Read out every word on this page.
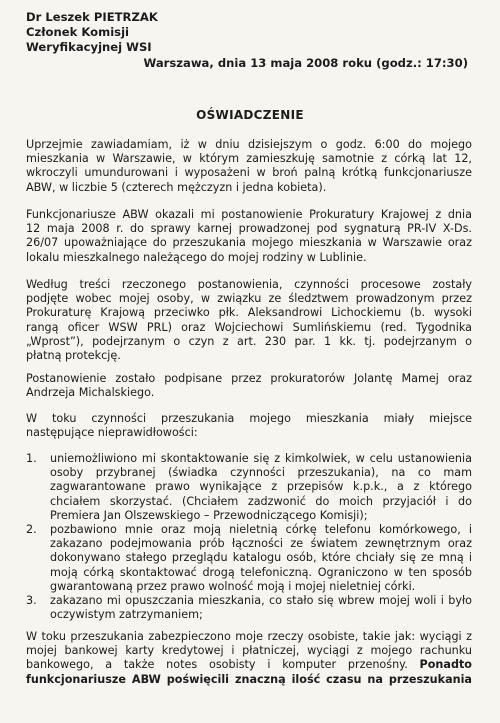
Dr Leszek PIETRZAK
Członek Komisji
Weryfikacyjnej WSI
Warszawa, dnia 13 maja 2008 roku (godz.: 17:30)
OŚWIADCZENIE
Uprzejmie zawiadamiam, iż w dniu dzisiejszym o godz. 6:00 do mojego
mieszkania w Warszawie, w którym zamieszkuję samotnie z córką lat 12,
wkroczyli umundurowani i wyposażeni w broń palną krótką funkcjonariusze
ABW, w liczbie 5 (czterech mężczyzn i jedna kobieta).
Funkcjonariusze ABW okazali mi postanowienie Prokuratury Krajowej z dnia
12 maja 2008 r. do sprawy karnej prowadzonej pod sygnaturą PR-IV X-Ds.
26/07 upoważniające do przeszukania mojego mieszkania w Warszawie oraz
lokalu mieszkalnego należącego do mojej rodziny w Lublinie.
Według treści rzeczonego postanowienia, czynności procesowe zostały
podjęte wobec mojej osoby, w związku ze śledztwem prowadzonym przez
Prokuraturę Krajową przeciwko płk. Aleksandrowi Lichockiemu (b. wysoki
rangą oficer WSW PRL) oraz Wojciechowi Sumlińskiemu (red. Tygodnika
„Wprost”), podejrzanym o czyn z art. 230 par. 1 kk. tj. podejrzanym o
płatną protekcję.
Postanowienie zostało podpisane przez prokuratorów Jolantę Mamej oraz
Andrzeja Michalskiego.
W toku czynności przeszukania mojego mieszkania miały miejsce
następujące nieprawidłowości:
1. uniemożliwiono mi skontaktowanie się z kimkolwiek, w celu ustanowienia
osoby przybranej (świadka czynności przeszukania), na co mam
zagwarantowane prawo wynikające z przepisów k.p.k., a z którego
chciałem skorzystać. (Chciałem zadzwonić do moich przyjaciół i do
Premiera Jan Olszewskiego – Przewodniczącego Komisji);
2. pozbawiono mnie oraz moją nieletnią córkę telefonu komórkowego, i
zakazano podejmowania prób łączności ze światem zewnętrznym oraz
dokonywano stałego przeglądu katalogu osób, które chciały się ze mną i
moją córką skontaktować drogą telefoniczną. Ograniczono w ten sposób
gwarantowaną przez prawo wolność moją i mojej nieletniej córki.
3. zakazano mi opuszczania mieszkania, co stało się wbrew mojej woli i było
oczywistym zatrzymaniem;
W toku przeszukania zabezpieczono moje rzeczy osobiste, takie jak: wyciągi z
mojej bankowej karty kredytowej i płatniczej, wyciągi z mojego rachunku
bankowego, a także notes osobisty i komputer przenośny. Ponadto
funkcjonariusze ABW poświęcili znaczną ilość czasu na przeszukania
